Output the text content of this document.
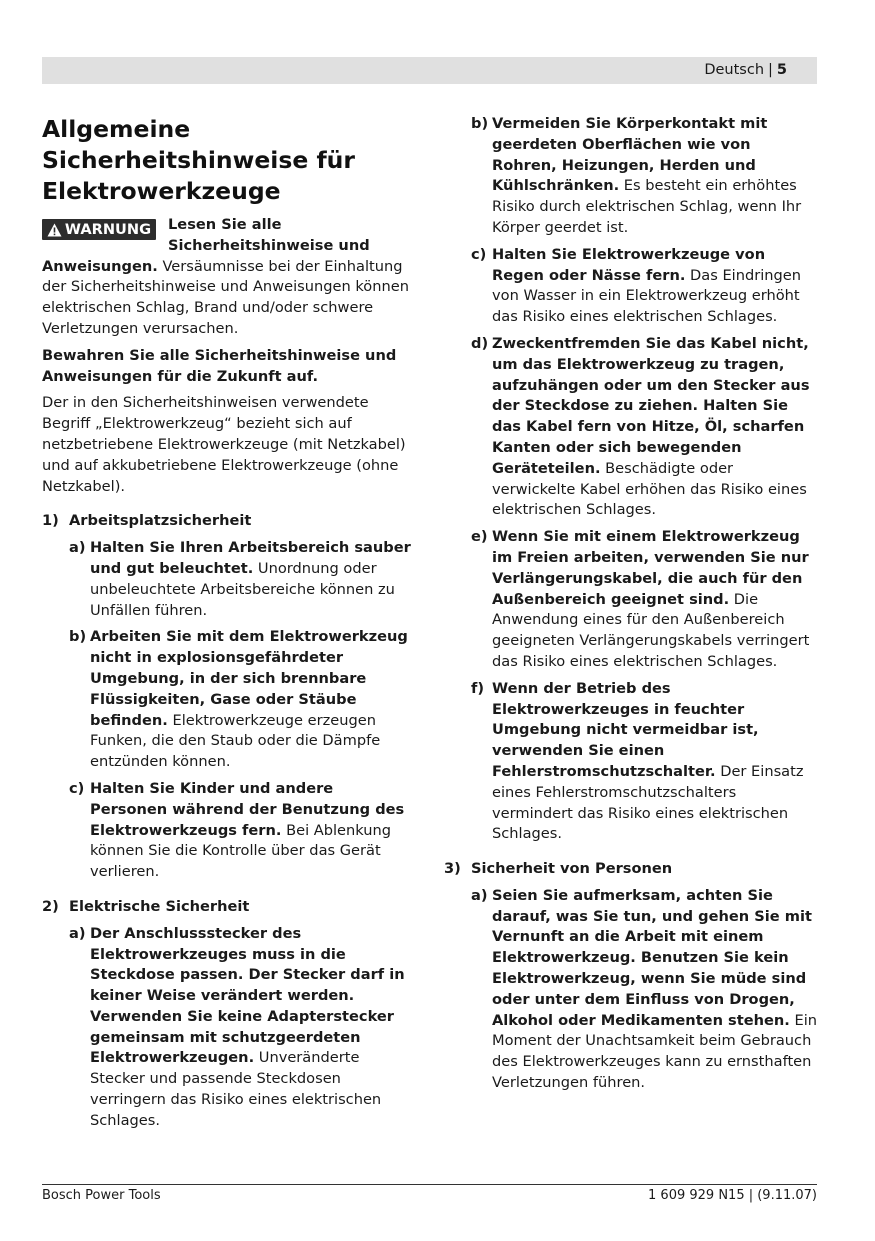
Deutsch | 5
Allgemeine
Sicherheitshinweise für
Elektrowerkzeuge
WARNUNG	Lesen Sie alle Sicherheitshinweise und Anweisungen. Versäumnisse bei der Einhaltung der Sicherheitshinweise und Anweisungen können elektrischen Schlag, Brand und/oder schwere Verletzungen verursachen.

Bewahren Sie alle Sicherheitshinweise und Anweisungen für die Zukunft auf.

Der in den Sicherheitshinweisen verwendete Begriff „Elektrowerkzeug“ bezieht sich auf netzbetriebene Elektrowerkzeuge (mit Netzkabel) und auf akkubetriebene Elektrowerkzeuge (ohne Netzkabel).

1) Arbeitsplatzsicherheit
a) Halten Sie Ihren Arbeitsbereich sauber und gut beleuchtet. Unordnung oder unbeleuchtete Arbeitsbereiche können zu Unfällen führen.
b) Arbeiten Sie mit dem Elektrowerkzeug nicht in explosionsgefährdeter Umgebung, in der sich brennbare Flüssigkeiten, Gase oder Stäube befinden. Elektrowerkzeuge erzeugen Funken, die den Staub oder die Dämpfe entzünden können.
c) Halten Sie Kinder und andere Personen während der Benutzung des Elektrowerkzeugs fern. Bei Ablenkung können Sie die Kontrolle über das Gerät verlieren.
2) Elektrische Sicherheit
a) Der Anschlussstecker des Elektrowerkzeuges muss in die Steckdose passen. Der Stecker darf in keiner Weise verändert werden. Verwenden Sie keine Adapterstecker gemeinsam mit schutzgeerdeten Elektrowerkzeugen. Unveränderte Stecker und passende Steckdosen verringern das Risiko eines elektrischen Schlages.
b) Vermeiden Sie Körperkontakt mit geerdeten Oberflächen wie von Rohren, Heizungen, Herden und Kühlschränken. Es besteht ein erhöhtes Risiko durch elektrischen Schlag, wenn Ihr Körper geerdet ist.
c) Halten Sie Elektrowerkzeuge von Regen oder Nässe fern. Das Eindringen von Wasser in ein Elektrowerkzeug erhöht das Risiko eines elektrischen Schlages.
d) Zweckentfremden Sie das Kabel nicht, um das Elektrowerkzeug zu tragen, aufzuhängen oder um den Stecker aus der Steckdose zu ziehen. Halten Sie das Kabel fern von Hitze, Öl, scharfen Kanten oder sich bewegenden Geräteteilen. Beschädigte oder verwickelte Kabel erhöhen das Risiko eines elektrischen Schlages.
e) Wenn Sie mit einem Elektrowerkzeug im Freien arbeiten, verwenden Sie nur Verlängerungskabel, die auch für den Außenbereich geeignet sind. Die Anwendung eines für den Außenbereich geeigneten Verlängerungskabels verringert das Risiko eines elektrischen Schlages.
f) Wenn der Betrieb des Elektrowerkzeuges in feuchter Umgebung nicht vermeidbar ist, verwenden Sie einen Fehlerstromschutzschalter. Der Einsatz eines Fehlerstromschutzschalters vermindert das Risiko eines elektrischen Schlages.
3) Sicherheit von Personen
a) Seien Sie aufmerksam, achten Sie darauf, was Sie tun, und gehen Sie mit Vernunft an die Arbeit mit einem Elektrowerkzeug. Benutzen Sie kein Elektrowerkzeug, wenn Sie müde sind oder unter dem Einfluss von Drogen, Alkohol oder Medikamenten stehen. Ein Moment der Unachtsamkeit beim Gebrauch des Elektrowerkzeuges kann zu ernsthaften Verletzungen führen.
Bosch Power Tools	1 609 929 N15 | (9.11.07)
